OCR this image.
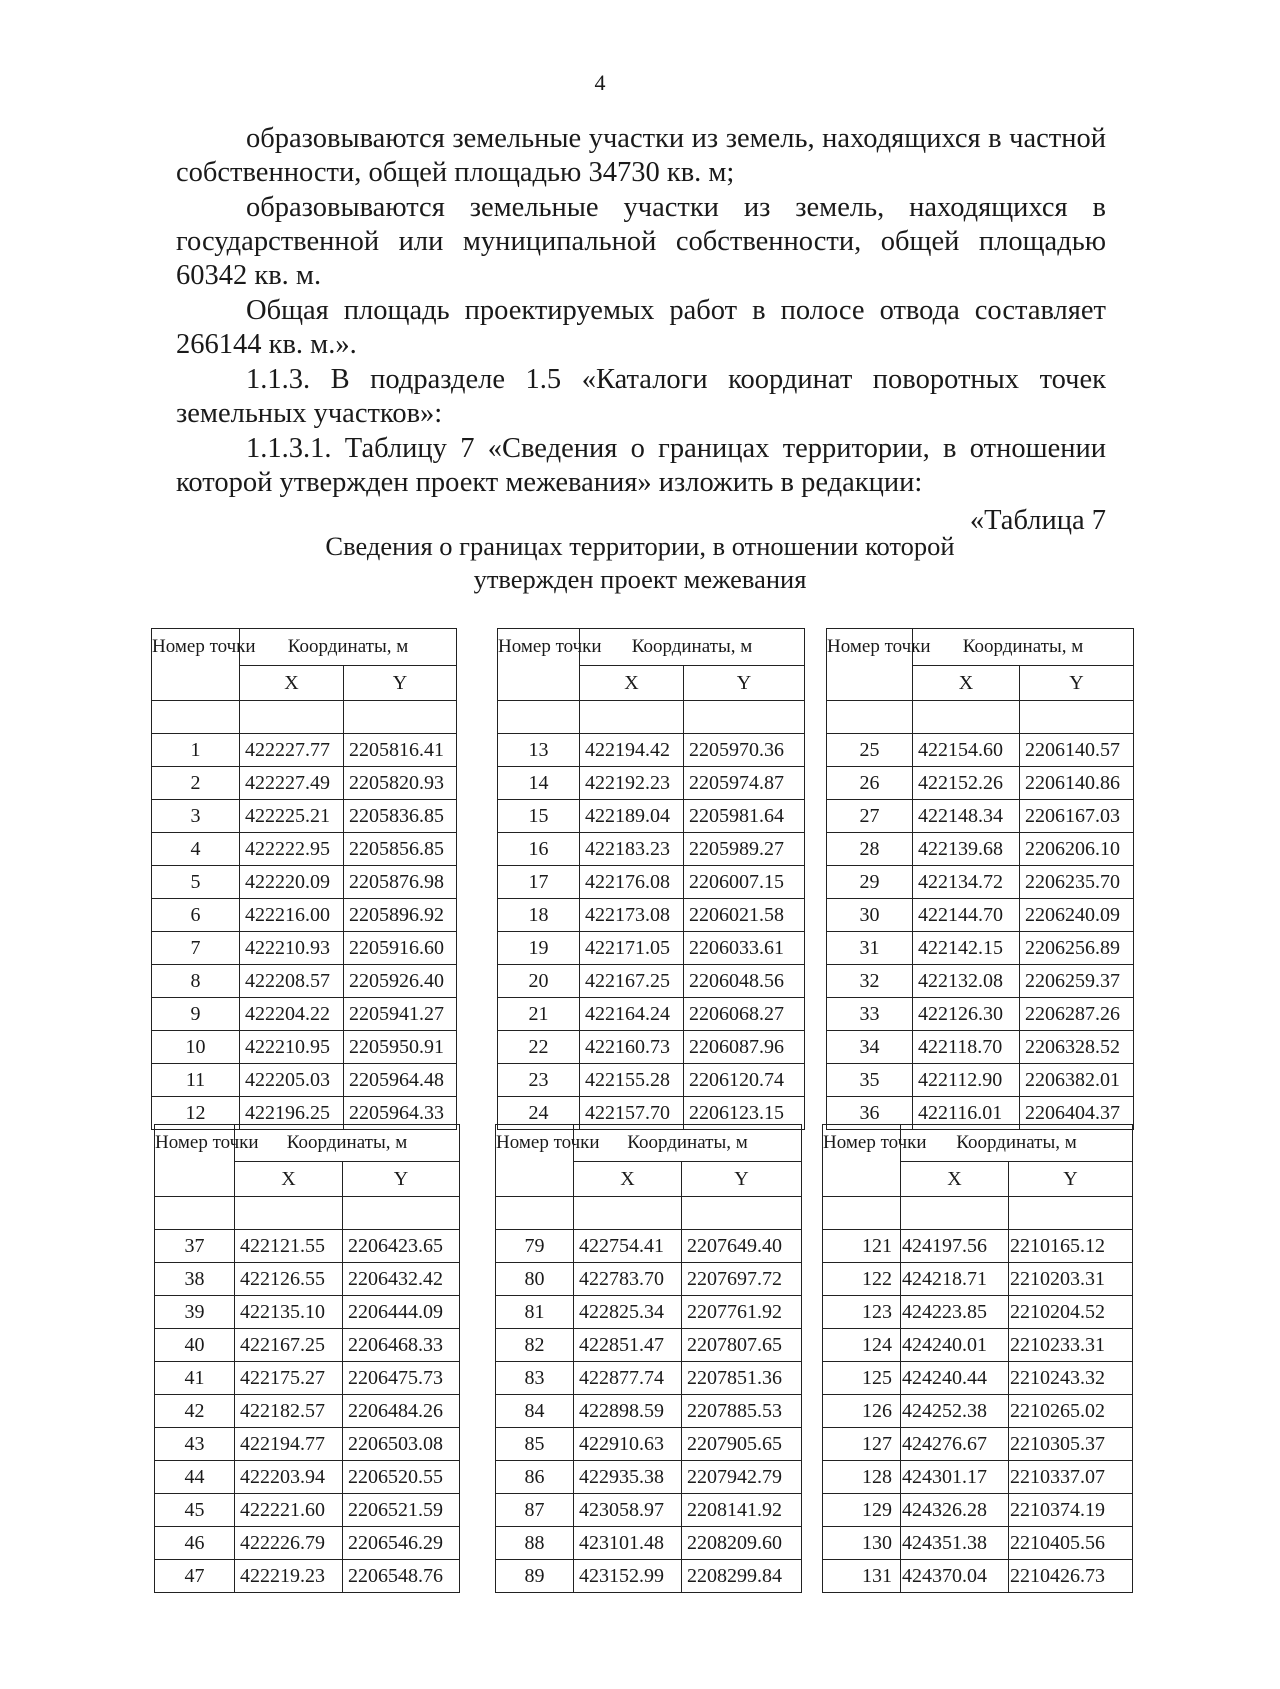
4

образовываются земельные участки из земель, находящихся в частной собственности, общей площадью 34730 кв. м;

образовываются земельные участки из земель, находящихся в государственной или муниципальной собственности, общей площадью 60342 кв. м.

Общая площадь проектируемых работ в полосе отвода составляет 266144 кв. м.».

1.1.3. В подразделе 1.5 «Каталоги координат поворотных точек земельных участков»:

1.1.3.1. Таблицу 7 «Сведения о границах территории, в отношении которой утвержден проект межевания» изложить в редакции:

«Таблица 7

Сведения о границах территории, в отношении которой
утвержден проект межевания
Номер точки	Координаты, м	
	X	Y

1	422227.77	2205816.41
2	422227.49	2205820.93
3	422225.21	2205836.85
4	422222.95	2205856.85
5	422220.09	2205876.98
6	422216.00	2205896.92
7	422210.93	2205916.60
8	422208.57	2205926.40
9	422204.22	2205941.27
10	422210.95	2205950.91
11	422205.03	2205964.48
12	422196.25	2205964.33
Номер точки	Координаты, м	
	X	Y

13	422194.42	2205970.36
14	422192.23	2205974.87
15	422189.04	2205981.64
16	422183.23	2205989.27
17	422176.08	2206007.15
18	422173.08	2206021.58
19	422171.05	2206033.61
20	422167.25	2206048.56
21	422164.24	2206068.27
22	422160.73	2206087.96
23	422155.28	2206120.74
24	422157.70	2206123.15
Номер точки	Координаты, м	
	X	Y

25	422154.60	2206140.57
26	422152.26	2206140.86
27	422148.34	2206167.03
28	422139.68	2206206.10
29	422134.72	2206235.70
30	422144.70	2206240.09
31	422142.15	2206256.89
32	422132.08	2206259.37
33	422126.30	2206287.26
34	422118.70	2206328.52
35	422112.90	2206382.01
36	422116.01	2206404.37
Номер точки	Координаты, м	
	X	Y

37	422121.55	2206423.65
38	422126.55	2206432.42
39	422135.10	2206444.09
40	422167.25	2206468.33
41	422175.27	2206475.73
42	422182.57	2206484.26
43	422194.77	2206503.08
44	422203.94	2206520.55
45	422221.60	2206521.59
46	422226.79	2206546.29
47	422219.23	2206548.76
Номер точки	Координаты, м	
	X	Y

79	422754.41	2207649.40
80	422783.70	2207697.72
81	422825.34	2207761.92
82	422851.47	2207807.65
83	422877.74	2207851.36
84	422898.59	2207885.53
85	422910.63	2207905.65
86	422935.38	2207942.79
87	423058.97	2208141.92
88	423101.48	2208209.60
89	423152.99	2208299.84
Номер точки	Координаты, м	
	X	Y

121	424197.56	2210165.12
122	424218.71	2210203.31
123	424223.85	2210204.52
124	424240.01	2210233.31
125	424240.44	2210243.32
126	424252.38	2210265.02
127	424276.67	2210305.37
128	424301.17	2210337.07
129	424326.28	2210374.19
130	424351.38	2210405.56
131	424370.04	2210426.73
